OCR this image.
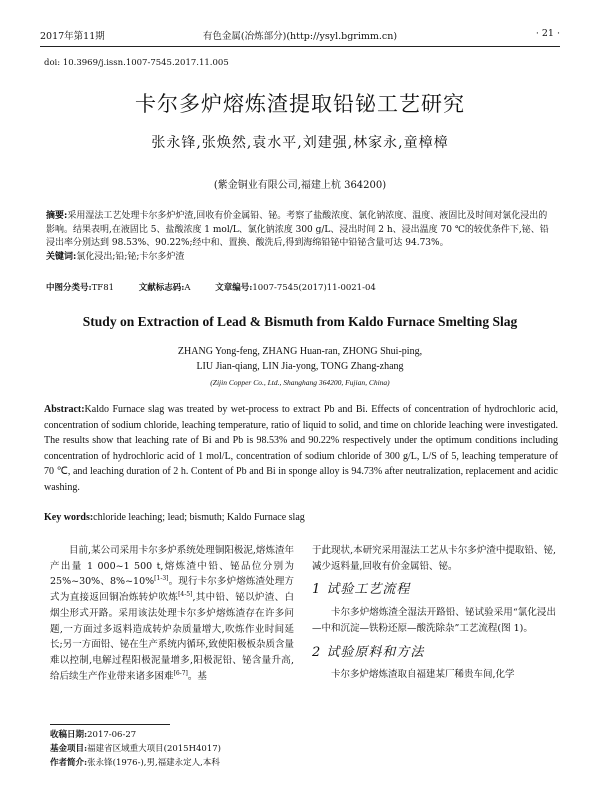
2017年第11期	有色金属(冶炼部分)(http://ysyl.bgrimm.cn)	· 21 ·
doi: 10.3969/j.issn.1007-7545.2017.11.005
卡尔多炉熔炼渣提取铅铋工艺研究
张永锋,张焕然,袁水平,刘建强,林家永,童樟樟
(紫金铜业有限公司,福建上杭 364200)
摘要:采用湿法工艺处理卡尔多炉炉渣,回收有价金属铅、铋。考察了盐酸浓度、氯化钠浓度、温度、液固比及时间对氯化浸出的影响。结果表明,在液固比 5、盐酸浓度 1 mol/L、氯化钠浓度 300 g/L、浸出时间 2 h、浸出温度 70 ℃的较优条件下,铋、铅浸出率分别达到 98.53%、90.22%;经中和、置换、酸洗后,得到海绵铅铋中铅铋含量可达 94.73%。
关键词:氯化浸出;铅;铋;卡尔多炉渣
中图分类号:TF81	文献标志码:A	文章编号:1007-7545(2017)11-0021-04
Study on Extraction of Lead & Bismuth from Kaldo Furnace Smelting Slag
ZHANG Yong-feng, ZHANG Huan-ran, ZHONG Shui-ping,
LIU Jian-qiang, LIN Jia-yong, TONG Zhang-zhang
(Zijin Copper Co., Ltd., Shanghang 364200, Fujian, China)
Abstract:Kaldo Furnace slag was treated by wet-process to extract Pb and Bi. Effects of concentration of hydrochloric acid, concentration of sodium chloride, leaching temperature, ratio of liquid to solid, and time on chloride leaching were investigated. The results show that leaching rate of Bi and Pb is 98.53% and 90.22% respectively under the optimum conditions including concentration of hydrochloric acid of 1 mol/L, concentration of sodium chloride of 300 g/L, L/S of 5, leaching temperature of 70 ℃, and leaching duration of 2 h. Content of Pb and Bi in sponge alloy is 94.73% after neutralization, replacement and acidic washing.
Key words:chloride leaching; lead; bismuth; Kaldo Furnace slag
目前,某公司采用卡尔多炉系统处理铜阳极泥,熔炼渣年产出量 1 000~1 500 t,熔炼渣中铅、铋品位分别为 25%~30%、8%~10%[1-3]。现行卡尔多炉熔炼渣处理方式为直接返回铜冶炼转炉吹炼[4-5],其中铅、铋以炉渣、白烟尘形式开路。采用该法处理卡尔多炉熔炼渣存在许多问题,一方面过多返料造成转炉杂质量增大,吹炼作业时间延长;另一方面铅、铋在生产系统内循环,致使阳极板杂质含量难以控制,电解过程阳极泥量增多,阳极泥铅、铋含量升高,给后续生产作业带来诸多困难[6-7]。基

于此现状,本研究采用湿法工艺从卡尔多炉渣中提取铅、铋,减少返料量,回收有价金属铅、铋。

1 试验工艺流程

卡尔多炉熔炼渣全湿法开路铅、铋试验采用“氯化浸出—中和沉淀—铁粉还原—酸洗除杂”工艺流程(图 1)。

2 试验原料和方法

卡尔多炉熔炼渣取自福建某厂稀贵车间,化学

收稿日期:2017-06-27
基金项目:福建省区域重大项目(2015H4017)
作者简介:张永锋(1976-),男,福建永定人,本科
